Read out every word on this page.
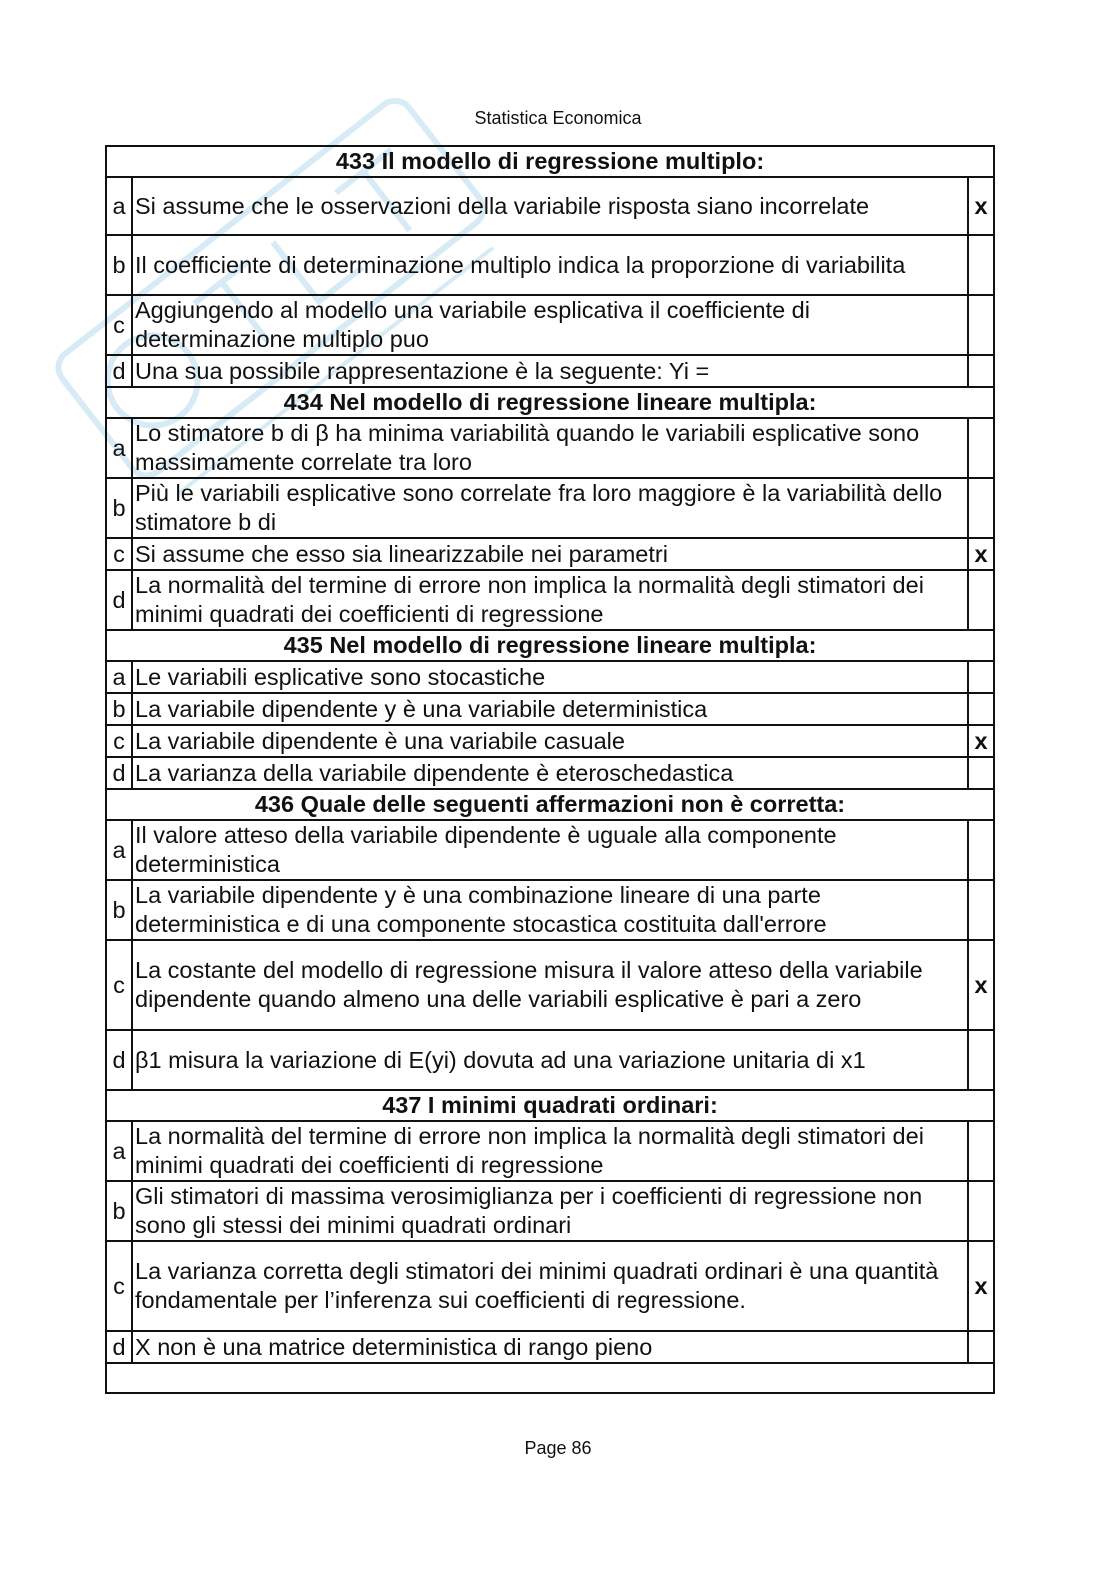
Statistica Economica
433 Il modello di regressione multiplo:		
a	Si assume che le osservazioni della variabile risposta siano incorrelate	x
b	Il coefficiente di determinazione multiplo indica la proporzione di variabilita	
c	Aggiungendo al modello una variabile esplicativa il coefficiente di determinazione multiplo puo	
d	Una sua possibile rappresentazione è la seguente: Yi =	
434 Nel modello di regressione lineare multipla:		
a	Lo stimatore b di β ha minima variabilità quando le variabili esplicative sono massimamente correlate tra loro	
b	Più le variabili esplicative sono correlate fra loro maggiore è la variabilità dello stimatore b di	
c	Si assume che esso sia linearizzabile nei parametri	x
d	La normalità del termine di errore non implica la normalità degli stimatori dei minimi quadrati dei coefficienti di regressione	
435 Nel modello di regressione lineare multipla:		
a	Le variabili esplicative sono stocastiche	
b	La variabile dipendente y è una variabile deterministica	
c	La variabile dipendente è una variabile casuale	x
d	La varianza della variabile dipendente è eteroschedastica	
436 Quale delle seguenti affermazioni non è corretta:		
a	Il valore atteso della variabile dipendente è uguale alla componente deterministica	
b	La variabile dipendente y è una combinazione lineare di una parte deterministica e di una componente stocastica costituita dall'errore	
c	La costante del modello di regressione misura il valore atteso della variabile dipendente quando almeno una delle variabili esplicative è pari a zero	x
d	β1 misura la variazione di E(yi) dovuta ad una variazione unitaria di x1	
437 I minimi quadrati ordinari:		
a	La normalità del termine di errore non implica la normalità degli stimatori dei minimi quadrati dei coefficienti di regressione	
b	Gli stimatori di massima verosimiglianza per i coefficienti di regressione non sono gli stessi dei minimi quadrati ordinari	
c	La varianza corretta degli stimatori dei minimi quadrati ordinari è una quantità fondamentale per l’inferenza sui coefficienti di regressione.	x
d	X non è una matrice deterministica di rango pieno	

Page 86
